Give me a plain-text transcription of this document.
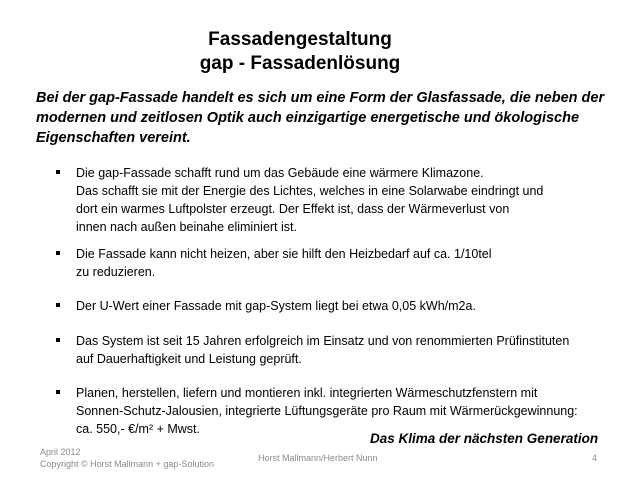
Fassadengestaltung
gap - Fassadenlösung
Bei der gap-Fassade handelt es sich um eine Form der Glasfassade, die neben der
modernen und zeitlosen Optik auch einzigartige energetische und ökologische
Eigenschaften vereint.
Die gap-Fassade schafft rund um das Gebäude eine wärmere Klimazone.
Das schafft sie mit der Energie des Lichtes, welches in eine Solarwabe eindringt und
dort ein warmes Luftpolster erzeugt. Der Effekt ist, dass der Wärmeverlust von
innen nach außen beinahe eliminiert ist.
Die Fassade kann nicht heizen, aber sie hilft den Heizbedarf auf ca. 1/10tel
zu reduzieren.
Der U-Wert einer Fassade mit gap-System liegt bei etwa 0,05 kWh/m2a.
Das System ist seit 15 Jahren erfolgreich im Einsatz und von renommierten Prüfinstituten
auf Dauerhaftigkeit und Leistung geprüft.
Planen, herstellen, liefern und montieren inkl. integrierten Wärmeschutzfenstern mit
Sonnen-Schutz-Jalousien, integrierte Lüftungsgeräte pro Raum mit Wärmerückgewinnung:
ca. 550,- €/m² + Mwst.
Das Klima der nächsten Generation
April 2012
Copyright © Horst Mallmann + gap-Solution
Horst Mallmann/Herbert Nunn	4
